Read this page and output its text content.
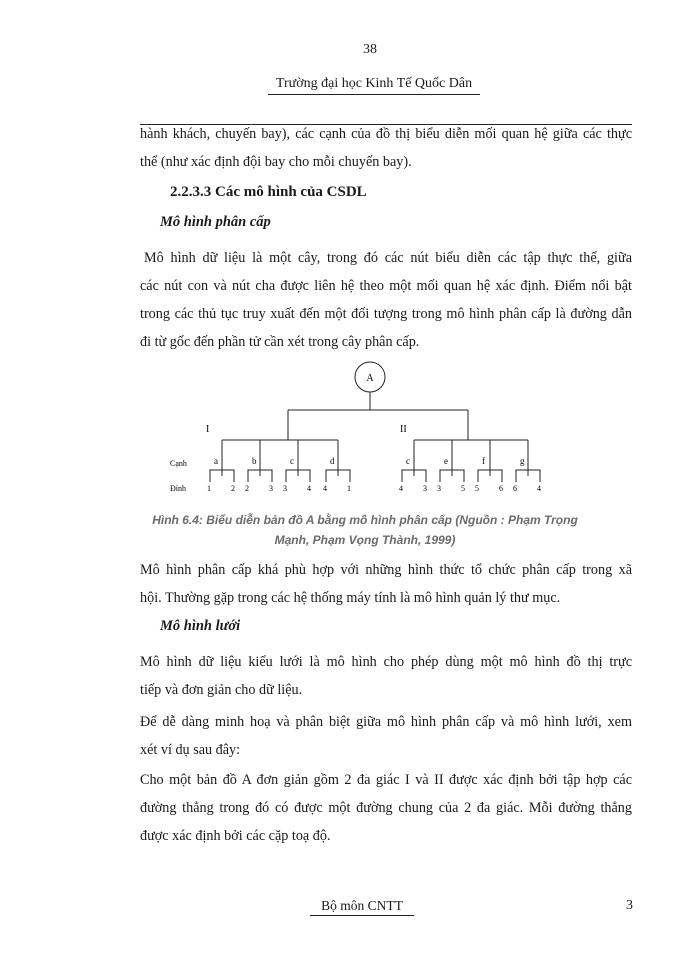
38
Trường đại học Kinh Tế Quốc Dân
hành khách, chuyến bay), các cạnh của đồ thị biểu diễn mối quan hệ giữa các thực
thể (như xác định đội bay cho mỗi chuyến bay).
2.2.3.3 Các mô hình của CSDL
Mô hình phân cấp
Mô hình dữ liệu là một cây, trong đó các nút biểu diễn các tập thực thể, giữa
các nút con và nút cha được liên hệ theo một mối quan hệ xác định. Điểm nổi bật
trong các thủ tục truy xuất đến một đối tượng trong mô hình phân cấp là đường dẫn
đi từ gốc đến phần tử cần xét trong cây phân cấp.
A
I	II
Cạnh
Đỉnh
a	b	c	d	c	e	f	g
1	2 2	3 3	4 4	1	4	3 3	5 5	6 6	4
Hình 6.4: Biểu diễn bản đồ A bằng mô hình phân cấp (Nguồn : Phạm Trọng
Mạnh, Phạm Vọng Thành, 1999)
Mô hình phân cấp khá phù hợp với những hình thức tổ chức phân cấp trong xã
hội. Thường gặp trong các hệ thống máy tính là mô hình quản lý thư mục.
Mô hình lưới
Mô hình dữ liệu kiểu lưới là mô hình cho phép dùng một mô hình đồ thị trực
tiếp và đơn giản cho dữ liệu.
Để dễ dàng minh hoạ và phân biệt giữa mô hình phân cấp và mô hình lưới, xem
xét ví dụ sau đây:
Cho một bản đồ A đơn giản gồm 2 đa giác I và II được xác định bởi tập hợp các
đường thẳng trong đó có được một đường chung của 2 đa giác. Mỗi đường thẳng
được xác định bởi các cặp toạ độ.
Bộ môn CNTT	3
